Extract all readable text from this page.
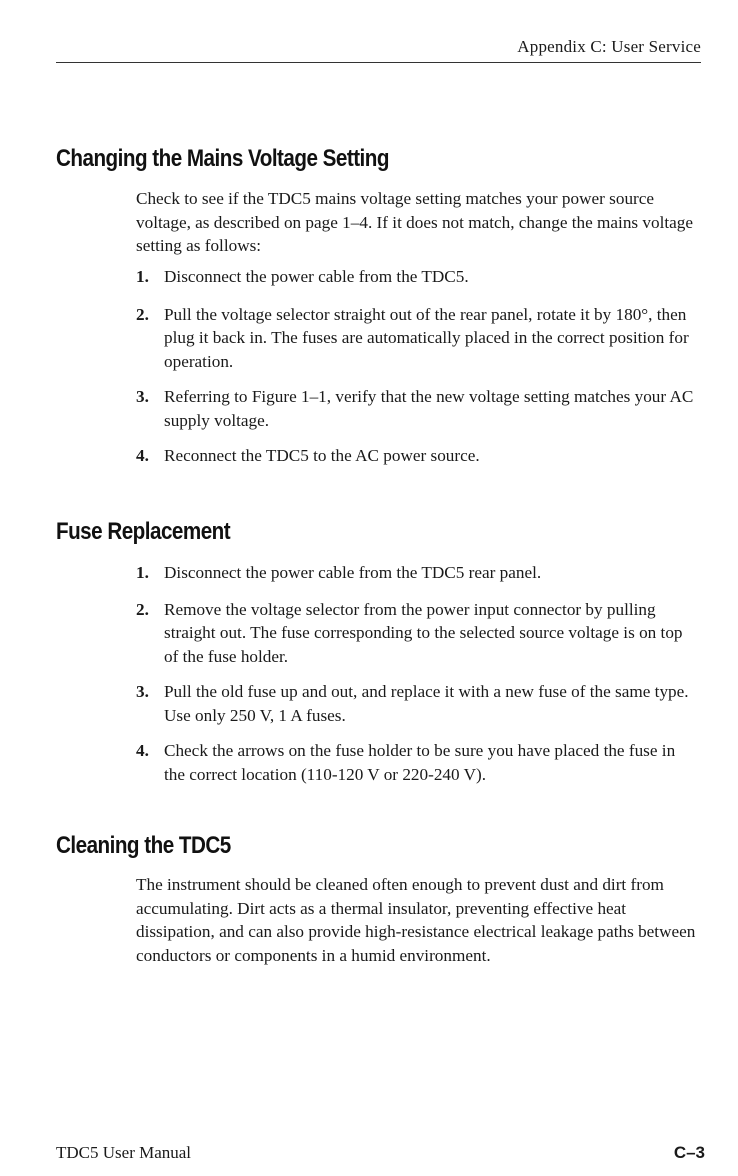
Appendix C: User Service
Changing the Mains Voltage Setting

Check to see if the TDC5 mains voltage setting matches your power source voltage, as described on page 1–4. If it does not match, change the mains voltage setting as follows:

1. Disconnect the power cable from the TDC5.
2. Pull the voltage selector straight out of the rear panel, rotate it by 180°, then plug it back in. The fuses are automatically placed in the correct position for operation.
3. Referring to Figure 1–1, verify that the new voltage setting matches your AC supply voltage.
4. Reconnect the TDC5 to the AC power source.
Fuse Replacement
1. Disconnect the power cable from the TDC5 rear panel.
2. Remove the voltage selector from the power input connector by pulling straight out. The fuse corresponding to the selected source voltage is on top of the fuse holder.
3. Pull the old fuse up and out, and replace it with a new fuse of the same type. Use only 250 V, 1 A fuses.
4. Check the arrows on the fuse holder to be sure you have placed the fuse in the correct location (110-120 V or 220-240 V).
Cleaning the TDC5

The instrument should be cleaned often enough to prevent dust and dirt from accumulating. Dirt acts as a thermal insulator, preventing effective heat dissipation, and can also provide high-resistance electrical leakage paths between conductors or components in a humid environment.

TDC5 User Manual	C–3
